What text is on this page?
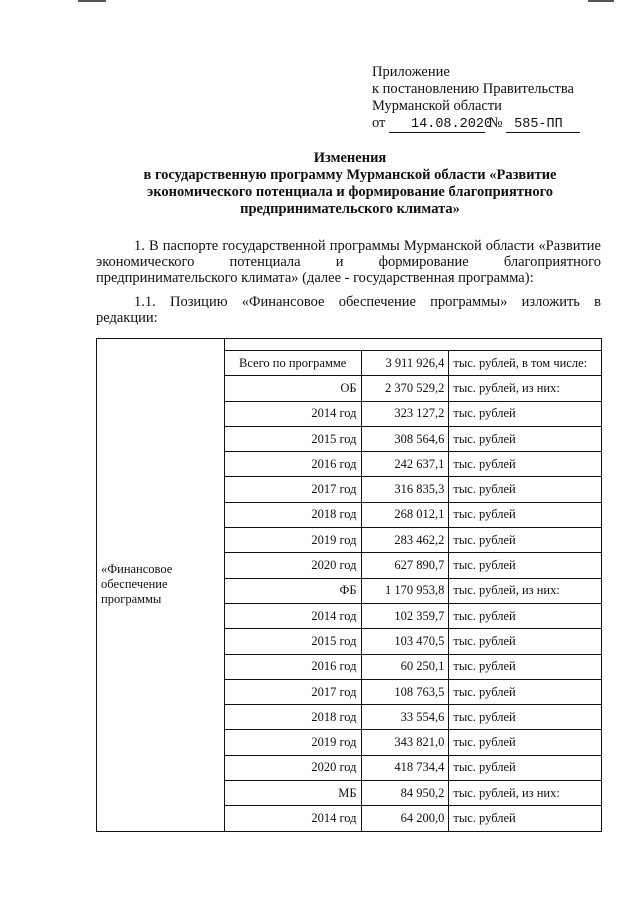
Приложение
к постановлению Правительства
Мурманской области
от 14.08.2020 № 585-ПП
Изменения
в государственную программу Мурманской области «Развитие
экономического потенциала и формирование благоприятного
предпринимательского климата»
1. В паспорте государственной программы Мурманской области «Развитие экономического потенциала и формирование благоприятного предпринимательского климата» (далее - государственная программа):
1.1. Позицию «Финансовое обеспечение программы» изложить в редакции:
«Финансовое обеспечение программы			
	Всего по программе	3 911 926,4	тыс. рублей, в том числе:
	ОБ	2 370 529,2	тыс. рублей, из них:
	2014 год	323 127,2	тыс. рублей
	2015 год	308 564,6	тыс. рублей
	2016 год	242 637,1	тыс. рублей
	2017 год	316 835,3	тыс. рублей
	2018 год	268 012,1	тыс. рублей
	2019 год	283 462,2	тыс. рублей
	2020 год	627 890,7	тыс. рублей
	ФБ	1 170 953,8	тыс. рублей, из них:
	2014 год	102 359,7	тыс. рублей
	2015 год	103 470,5	тыс. рублей
	2016 год	60 250,1	тыс. рублей
	2017 год	108 763,5	тыс. рублей
	2018 год	33 554,6	тыс. рублей
	2019 год	343 821,0	тыс. рублей
	2020 год	418 734,4	тыс. рублей
	МБ	84 950,2	тыс. рублей, из них:
	2014 год	64 200,0	тыс. рублей
